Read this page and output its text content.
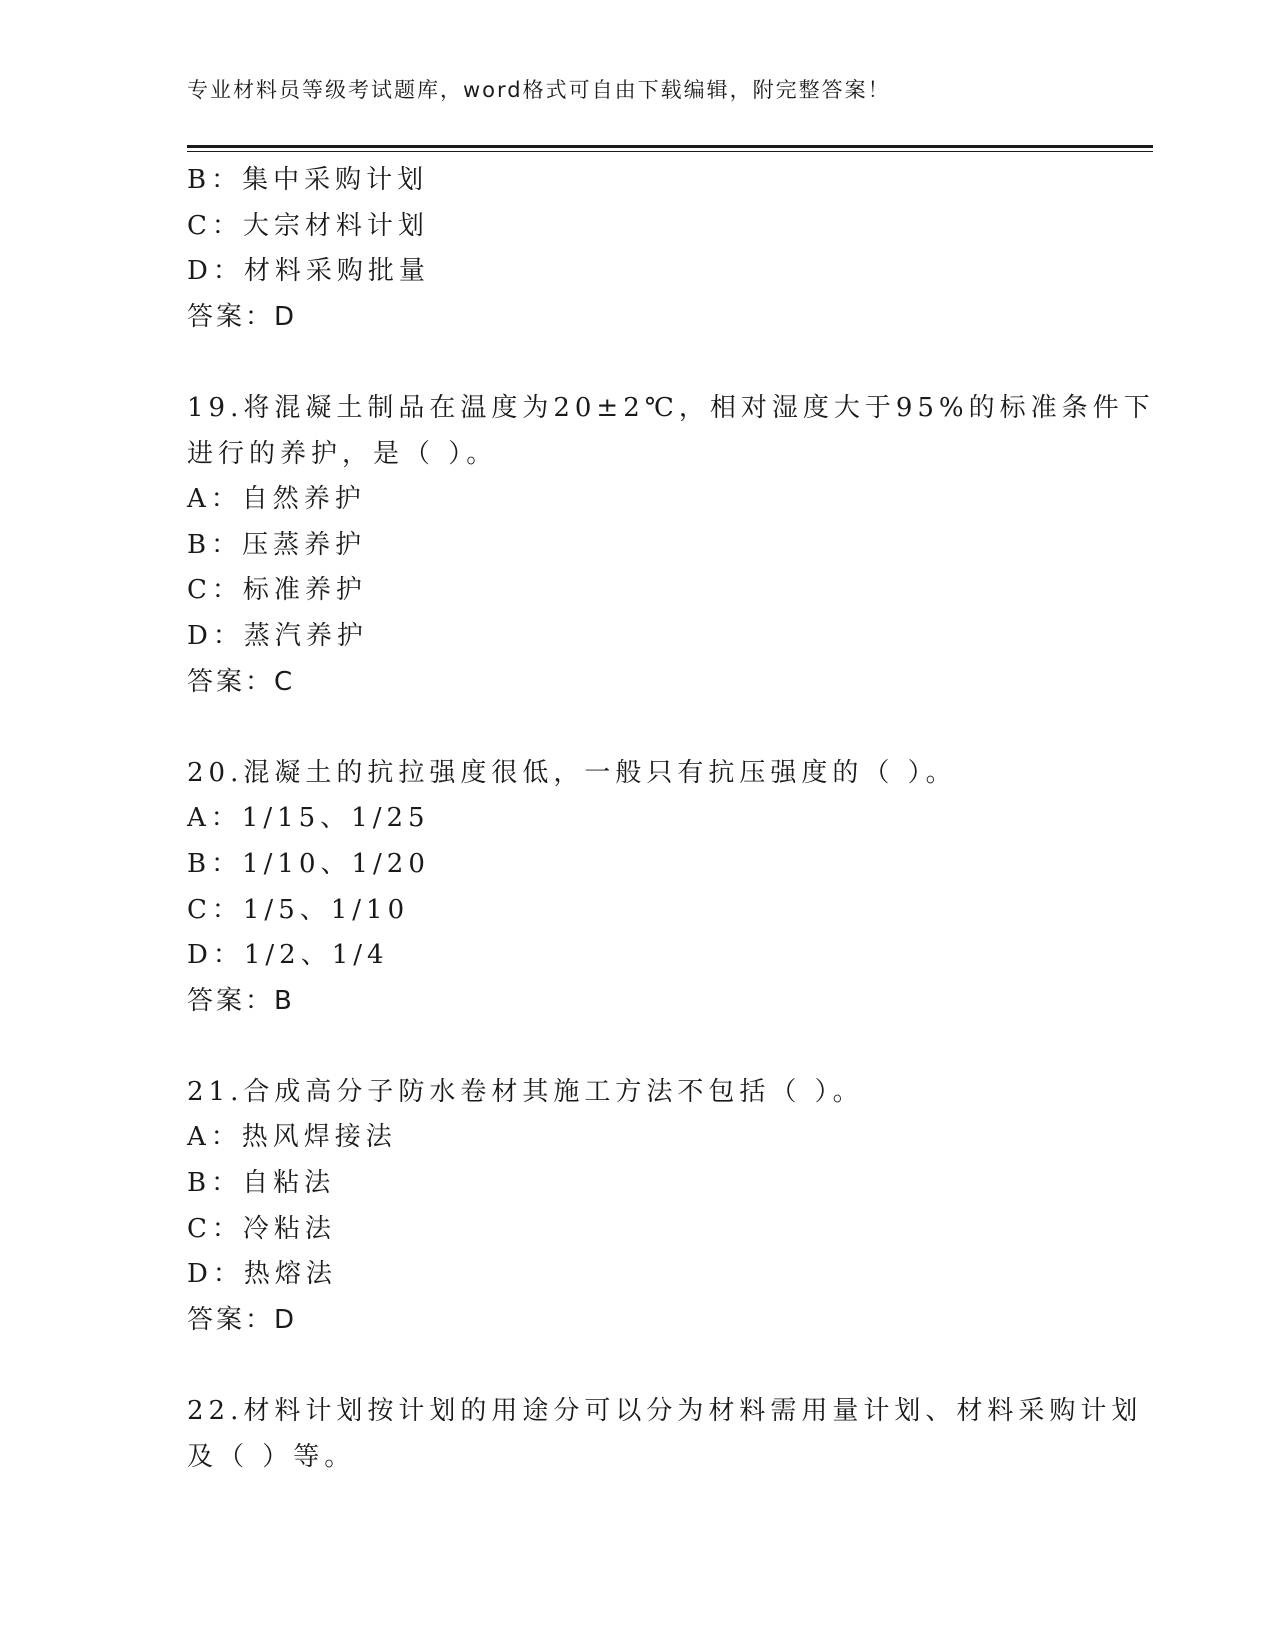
专业材料员等级考试题库，word格式可自由下载编辑，附完整答案！
B：集中采购计划
C：大宗材料计划
D：材料采购批量
答案：D
19.将混凝土制品在温度为20±2℃，相对湿度大于95%的标准条件下
进行的养护，是（ ）。
A：自然养护
B：压蒸养护
C：标准养护
D：蒸汽养护
答案：C
20.混凝土的抗拉强度很低，一般只有抗压强度的（ ）。
A：1/15、1/25
B：1/10、1/20
C：1/5、1/10
D：1/2、1/4
答案：B
21.合成高分子防水卷材其施工方法不包括（ ）。
A：热风焊接法
B：自粘法
C：冷粘法
D：热熔法
答案：D
22.材料计划按计划的用途分可以分为材料需用量计划、材料采购计划
及（ ）等。
